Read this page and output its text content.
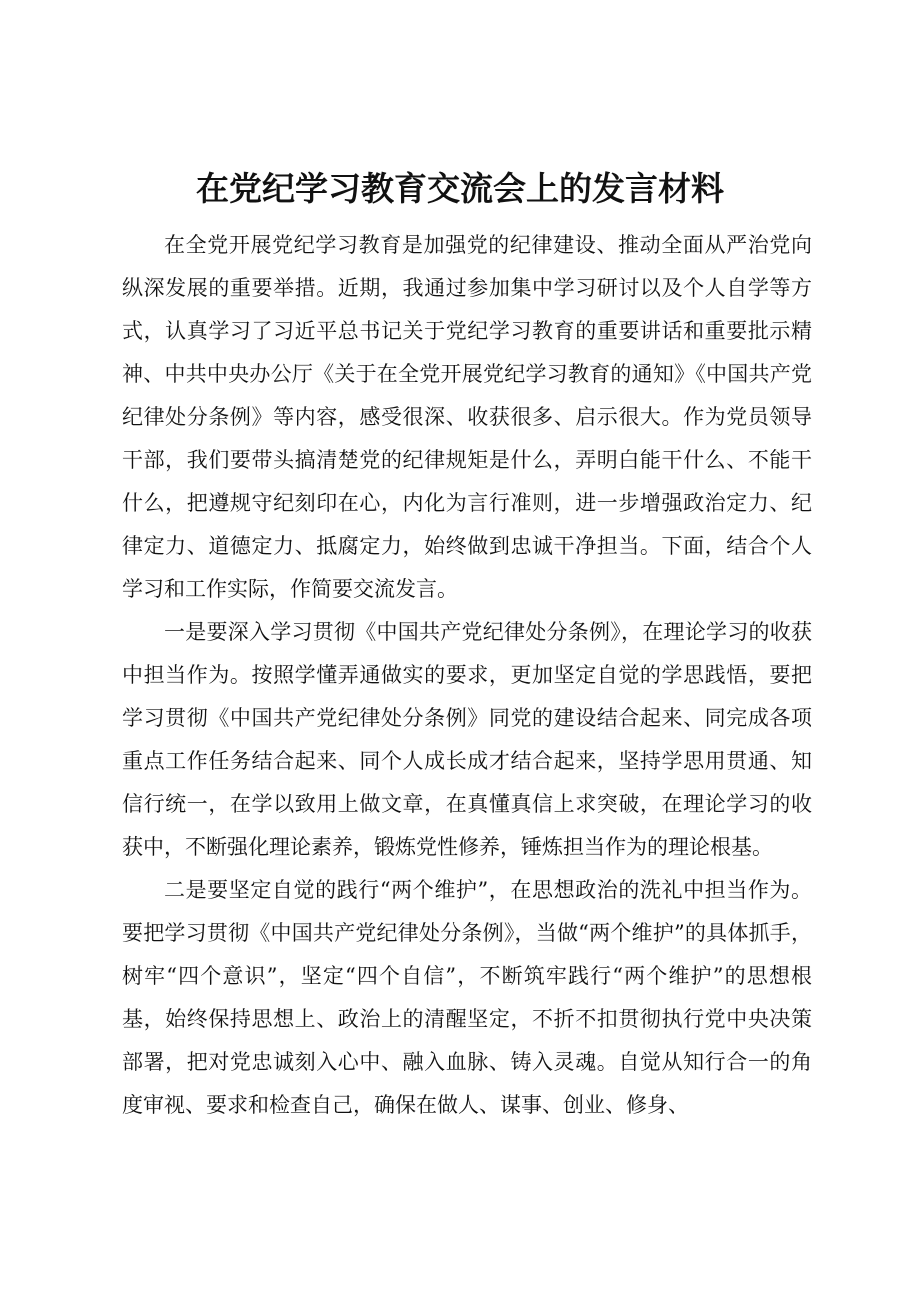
在党纪学习教育交流会上的发言材料

在全党开展党纪学习教育是加强党的纪律建设、推动全面从严治党向纵深发展的重要举措。近期，我通过参加集中学习研讨以及个人自学等方式，认真学习了习近平总书记关于党纪学习教育的重要讲话和重要批示精神、中共中央办公厅《关于在全党开展党纪学习教育的通知》《中国共产党纪律处分条例》等内容，感受很深、收获很多、启示很大。作为党员领导干部，我们要带头搞清楚党的纪律规矩是什么，弄明白能干什么、不能干什么，把遵规守纪刻印在心，内化为言行准则，进一步增强政治定力、纪律定力、道德定力、抵腐定力，始终做到忠诚干净担当。下面，结合个人学习和工作实际，作简要交流发言。

一是要深入学习贯彻《中国共产党纪律处分条例》，在理论学习的收获中担当作为。按照学懂弄通做实的要求，更加坚定自觉的学思践悟，要把学习贯彻《中国共产党纪律处分条例》同党的建设结合起来、同完成各项重点工作任务结合起来、同个人成长成才结合起来，坚持学思用贯通、知信行统一，在学以致用上做文章，在真懂真信上求突破，在理论学习的收获中，不断强化理论素养，锻炼党性修养，锤炼担当作为的理论根基。

二是要坚定自觉的践行“两个维护”，在思想政治的洗礼中担当作为。要把学习贯彻《中国共产党纪律处分条例》，当做“两个维护”的具体抓手，树牢“四个意识”，坚定“四个自信”，不断筑牢践行“两个维护”的思想根基，始终保持思想上、政治上的清醒坚定，不折不扣贯彻执行党中央决策部署，把对党忠诚刻入心中、融入血脉、铸入灵魂。自觉从知行合一的角度审视、要求和检查自己，确保在做人、谋事、创业、修身、
